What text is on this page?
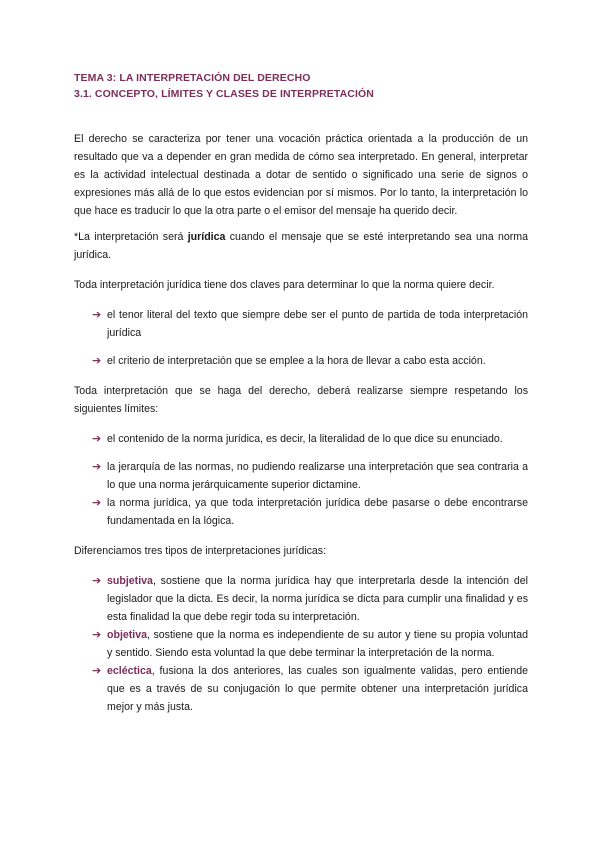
TEMA 3: LA INTERPRETACIÓN DEL DERECHO
3.1. CONCEPTO, LÍMITES Y CLASES DE INTERPRETACIÓN

El derecho se caracteriza por tener una vocación práctica orientada a la producción de un resultado que va a depender en gran medida de cómo sea interpretado. En general, interpretar es la actividad intelectual destinada a dotar de sentido o significado una serie de signos o expresiones más allá de lo que estos evidencian por sí mismos. Por lo tanto, la interpretación lo que hace es traducir lo que la otra parte o el emisor del mensaje ha querido decir.

*La interpretación será jurídica cuando el mensaje que se esté interpretando sea una norma jurídica.

Toda interpretación jurídica tiene dos claves para determinar lo que la norma quiere decir.

➔ el tenor literal del texto que siempre debe ser el punto de partida de toda interpretación jurídica
➔ el criterio de interpretación que se emplee a la hora de llevar a cabo esta acción.

Toda interpretación que se haga del derecho, deberá realizarse siempre respetando los siguientes límites:

➔ el contenido de la norma jurídica, es decir, la literalidad de lo que dice su enunciado.
➔ la jerarquía de las normas, no pudiendo realizarse una interpretación que sea contraria a lo que una norma jerárquicamente superior dictamine.
➔ la norma jurídica, ya que toda interpretación jurídica debe pasarse o debe encontrarse fundamentada en la lógica.

Diferenciamos tres tipos de interpretaciones jurídicas:

➔ subjetiva, sostiene que la norma jurídica hay que interpretarla desde la intención del legislador que la dicta. Es decir, la norma jurídica se dicta para cumplir una finalidad y es esta finalidad la que debe regir toda su interpretación.
➔ objetiva, sostiene que la norma es independiente de su autor y tiene su propia voluntad y sentido. Siendo esta voluntad la que debe terminar la interpretación de la norma.
➔ ecléctica, fusiona la dos anteriores, las cuales son igualmente validas, pero entiende que es a través de su conjugación lo que permite obtener una interpretación jurídica mejor y más justa.
